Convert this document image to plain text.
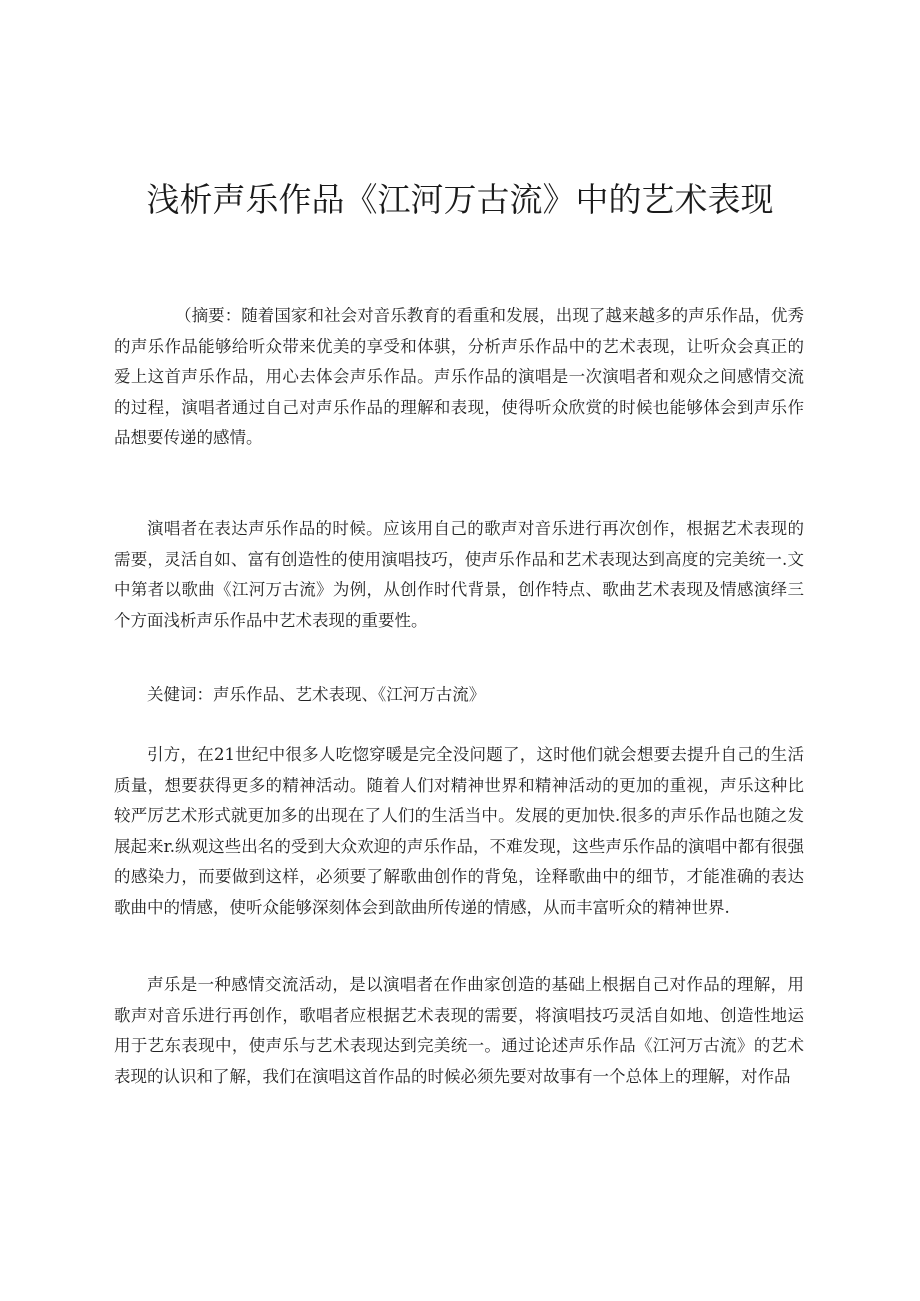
浅析声乐作品《江河万古流》中的艺术表现

（摘要：随着国家和社会对音乐教育的看重和发展，出现了越来越多的声乐作品，优秀的声乐作品能够给听众带来优美的享受和体骐，分析声乐作品中的艺术表现，让听众会真正的爱上这首声乐作品，用心去体会声乐作品。声乐作品的演唱是一次演唱者和观众之间感情交流的过程，演唱者通过自己对声乐作品的理解和表现，使得听众欣赏的时候也能够体会到声乐作品想要传递的感情。

演唱者在表达声乐作品的时候。应该用自己的歌声对音乐进行再次创作，根据艺术表现的需要，灵活自如、富有创造性的使用演唱技巧，使声乐作品和艺术表现达到高度的完美统一.文中第者以歌曲《江河万古流》为例，从创作时代背景，创作特点、歌曲艺术表现及情感演绎三个方面浅析声乐作品中艺术表现的重要性。

关健词：声乐作品、艺术表现、《江河万古流》

引方，在21世纪中很多人吃惚穿暖是完全没问题了，这时他们就会想要去提升自己的生活质量，想要获得更多的精神活动。随着人们对精神世界和精神活动的更加的重视，声乐这种比较严厉艺术形式就更加多的出现在了人们的生活当中。发展的更加快.很多的声乐作品也随之发展起来r.纵观这些出名的受到大众欢迎的声乐作品，不难发现，这些声乐作品的演唱中都有很强的感染力，而要做到这样，必须要了解歌曲创作的背兔，诠释歌曲中的细节，才能准确的表达歌曲中的情感，使听众能够深刻体会到歆曲所传递的情感，从而丰富听众的精神世界.

声乐是一种感情交流活动，是以演唱者在作曲家创造的基础上根据自己对作品的理解，用歌声对音乐进行再创作，歌唱者应根据艺术表现的需要，将演唱技巧灵活自如地、创造性地运用于艺东表现中，使声乐与艺术表现达到完美统一。通过论述声乐作品《江河万古流》的艺术表现的认识和了解，我们在演唱这首作品的时候必须先要对故事有一个总体上的理解，对作品
